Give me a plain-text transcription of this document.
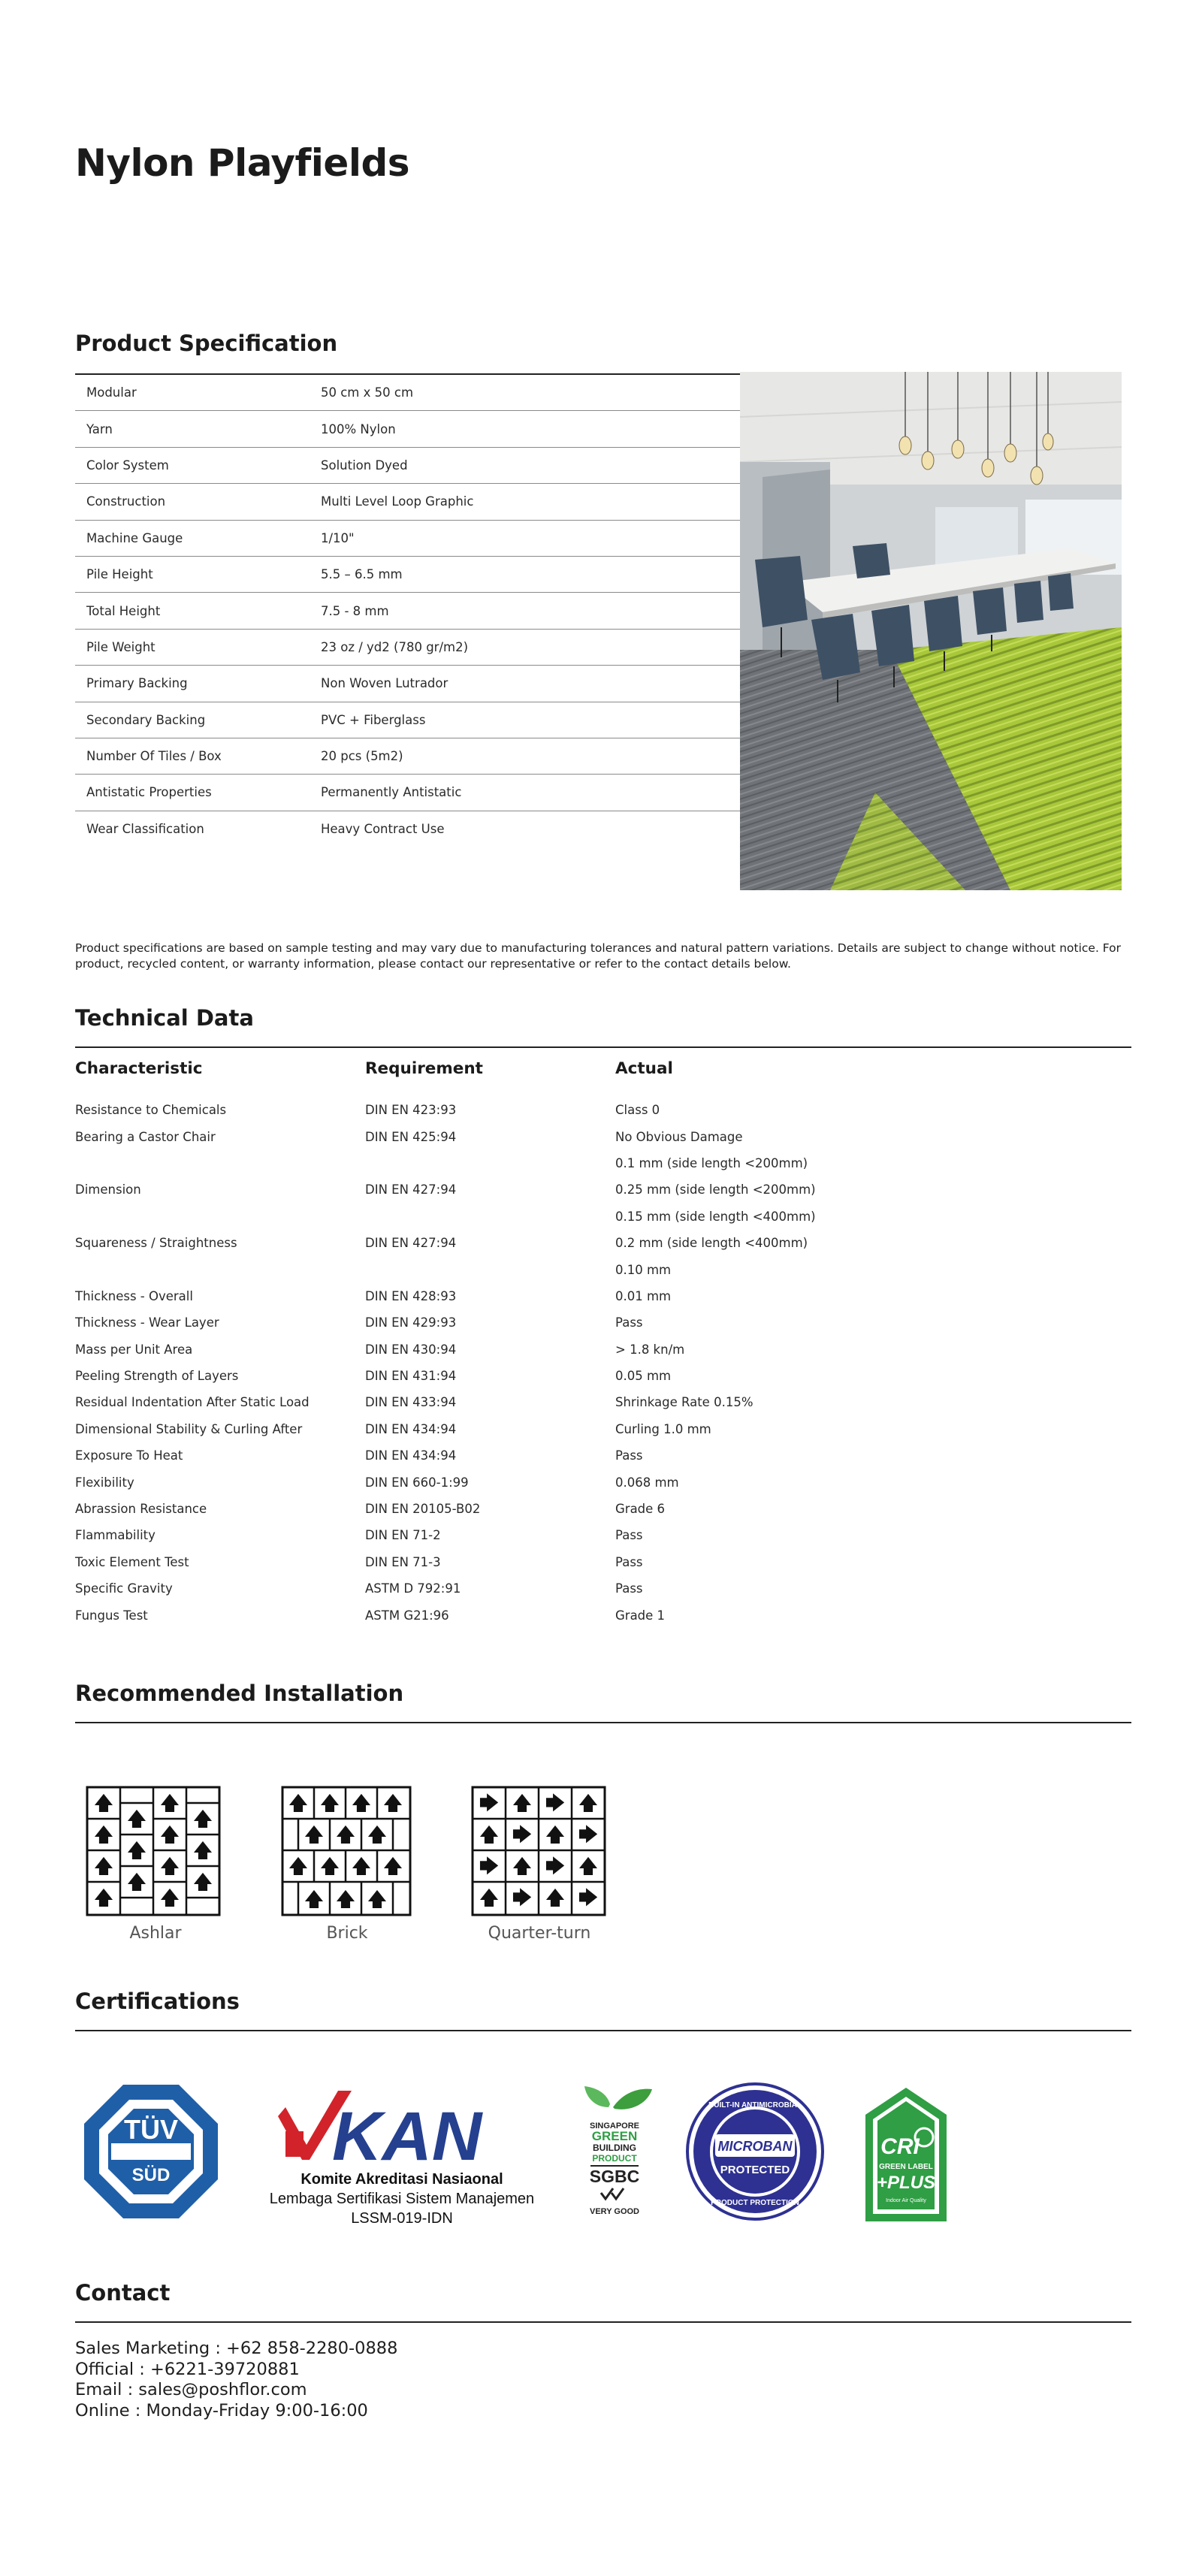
Nylon Playfields
Product Specification
Modular	50 cm x 50 cm
Yarn	100% Nylon
Color System	Solution Dyed
Construction	Multi Level Loop Graphic
Machine Gauge	1/10"
Pile Height	5.5 – 6.5 mm
Total Height	7.5 - 8 mm
Pile Weight	23 oz / yd2 (780 gr/m2)
Primary Backing	Non Woven Lutrador
Secondary Backing	PVC + Fiberglass
Number Of Tiles / Box	20 pcs (5m2)
Antistatic Properties	Permanently Antistatic
Wear Classification	Heavy Contract Use

Product specifications are based on sample testing and may vary due to manufacturing tolerances and natural pattern variations. Details are subject to change without notice. For product, recycled content, or warranty information, please contact our representative or refer to the contact details below.

Technical Data
Characteristic	Requirement	Actual
Resistance to Chemicals	DIN EN 423:93	Class 0
Bearing a Castor Chair	DIN EN 425:94	No Obvious Damage
0.1 mm (side length <200mm)
Dimension	DIN EN 427:94	0.25 mm (side length <200mm)
0.15 mm (side length <400mm)
Squareness / Straightness	DIN EN 427:94	0.2 mm (side length <400mm)
0.10 mm
Thickness - Overall	DIN EN 428:93	0.01 mm
Thickness - Wear Layer	DIN EN 429:93	Pass
Mass per Unit Area	DIN EN 430:94	> 1.8 kn/m
Peeling Strength of Layers	DIN EN 431:94	0.05 mm
Residual Indentation After Static Load	DIN EN 433:94	Shrinkage Rate 0.15%
Dimensional Stability & Curling After	DIN EN 434:94	Curling 1.0 mm
Exposure To Heat	DIN EN 434:94	Pass
Flexibility	DIN EN 660-1:99	0.068 mm
Abrassion Resistance	DIN EN 20105-B02	Grade 6
Flammability	DIN EN 71-2	Pass
Toxic Element Test	DIN EN 71-3	Pass
Specific Gravity	ASTM D 792:91	Pass
Fungus Test	ASTM G21:96	Grade 1
Recommended Installation
🡅
🡅
🡅
🡅
🡅
🡅
🡅
🡅
🡅
🡅
🡅
🡅
🡅
🡅
Ashlar
🡅 🡅 🡅 🡅
🡅 🡅 🡅
🡅 🡅 🡅 🡅
🡅 🡅 🡅
Brick
🡆 🡅 🡆 🡅
🡅 🡆 🡅 🡆
🡆 🡅 🡆 🡅
🡅 🡆 🡅 🡆
Quarter-turn
Certifications
TÜV
SÜD
KAN
Komite Akreditasi Nasiaonal
Lembaga Sertifikasi Sistem Manajemen
LSSM-019-IDN
SINGAPORE
GREEN
BUILDING
PRODUCT
SGBC
VERY GOOD
MICROBAN
PROTECTED
BUILT-IN ANTIMICROBIAL
PRODUCT PROTECTION
CRI
GREEN LABEL
+PLUS
Indoor Air Quality
Contact
Sales Marketing : +62 858-2280-0888
Official : +6221-39720881
Email : sales@poshflor.com
Online : Monday-Friday 9:00-16:00
